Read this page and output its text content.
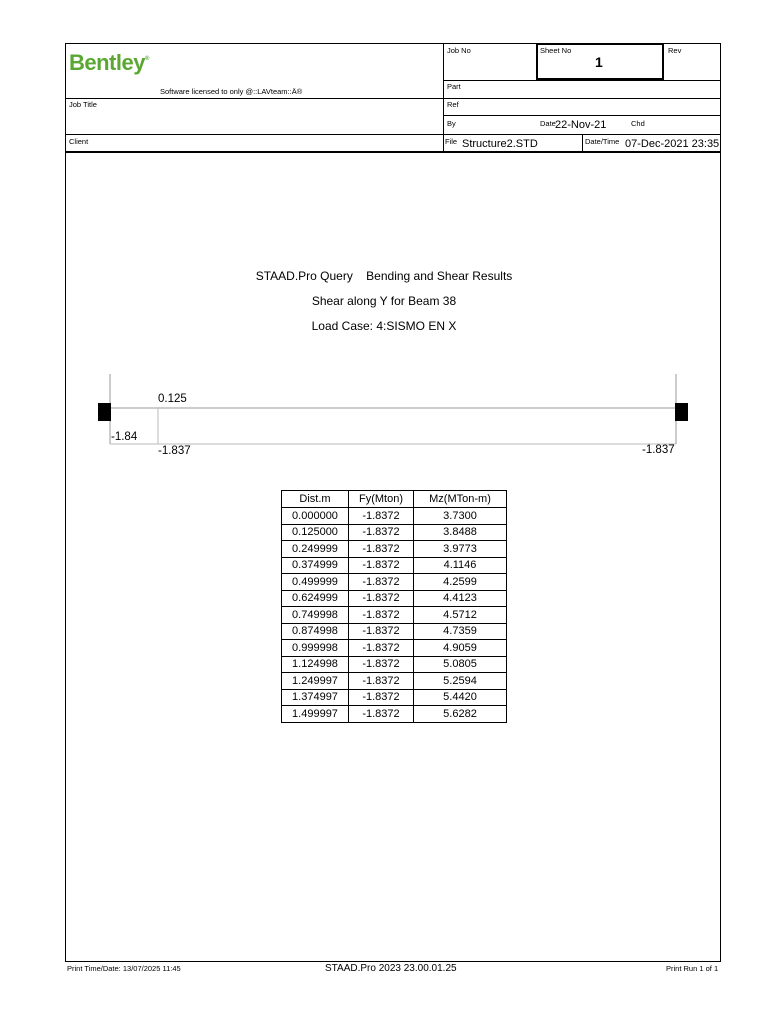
Bentley®
Software licensed to only @::LAVteam::Ä®
Job Title
Client
Job No	Sheet No
1
Rev
Part
Ref
By	Date 22-Nov-21	Chd
File Structure2.STD	Date/Time 07-Dec-2021 23:35
STAAD.Pro Query    Bending and Shear Results
Shear along Y for Beam 38
Load Case: 4:SISMO EN X
0.125
-1.84
-1.837	-1.837
Dist.m	Fy(Mton)	Mz(MTon-m)
0.000000	-1.8372	3.7300
0.125000	-1.8372	3.8488
0.249999	-1.8372	3.9773
0.374999	-1.8372	4.1146
0.499999	-1.8372	4.2599
0.624999	-1.8372	4.4123
0.749998	-1.8372	4.5712
0.874998	-1.8372	4.7359
0.999998	-1.8372	4.9059
1.124998	-1.8372	5.0805
1.249997	-1.8372	5.2594
1.374997	-1.8372	5.4420
1.499997	-1.8372	5.6282
Print Time/Date: 13/07/2025 11:45	STAAD.Pro 2023 23.00.01.25	Print Run 1 of 1
